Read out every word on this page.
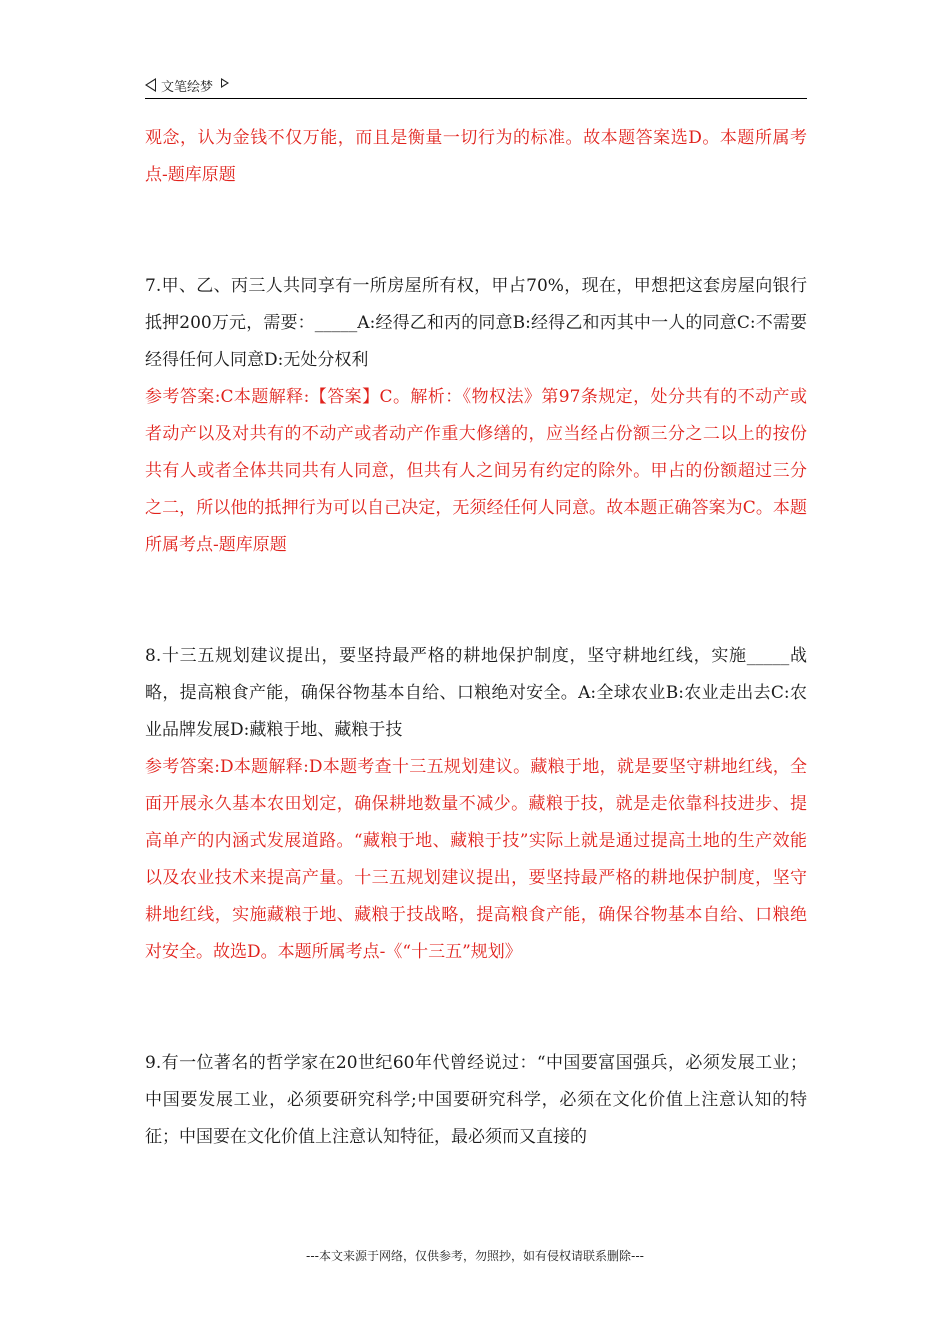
文笔绘梦

观念，认为金钱不仅万能，而且是衡量一切行为的标准。故本题答案选D。本题所属考点-题库原题

7.甲、乙、丙三人共同享有一所房屋所有权，甲占70%，现在，甲想把这套房屋向银行抵押200万元，需要：_____A:经得乙和丙的同意B:经得乙和丙其中一人的同意C:不需要经得任何人同意D:无处分权利

参考答案:C本题解释:【答案】C。解析：《物权法》第97条规定，处分共有的不动产或者动产以及对共有的不动产或者动产作重大修缮的，应当经占份额三分之二以上的按份共有人或者全体共同共有人同意，但共有人之间另有约定的除外。甲占的份额超过三分之二，所以他的抵押行为可以自己决定，无须经任何人同意。故本题正确答案为C。本题所属考点-题库原题

8.十三五规划建议提出，要坚持最严格的耕地保护制度，坚守耕地红线，实施_____战略，提高粮食产能，确保谷物基本自给、口粮绝对安全。A:全球农业B:农业走出去C:农业品牌发展D:藏粮于地、藏粮于技

参考答案:D本题解释:D本题考查十三五规划建议。藏粮于地，就是要坚守耕地红线，全面开展永久基本农田划定，确保耕地数量不减少。藏粮于技，就是走依靠科技进步、提高单产的内涵式发展道路。“藏粮于地、藏粮于技”实际上就是通过提高土地的生产效能以及农业技术来提高产量。十三五规划建议提出，要坚持最严格的耕地保护制度，坚守耕地红线，实施藏粮于地、藏粮于技战略，提高粮食产能，确保谷物基本自给、口粮绝对安全。故选D。本题所属考点-《“十三五”规划》

9.有一位著名的哲学家在20世纪60年代曾经说过：“中国要富国强兵，必须发展工业；中国要发展工业，必须要研究科学;中国要研究科学，必须在文化价值上注意认知的特征；中国要在文化价值上注意认知特征，最必须而又直接的

---本文来源于网络，仅供参考，勿照抄，如有侵权请联系删除---
